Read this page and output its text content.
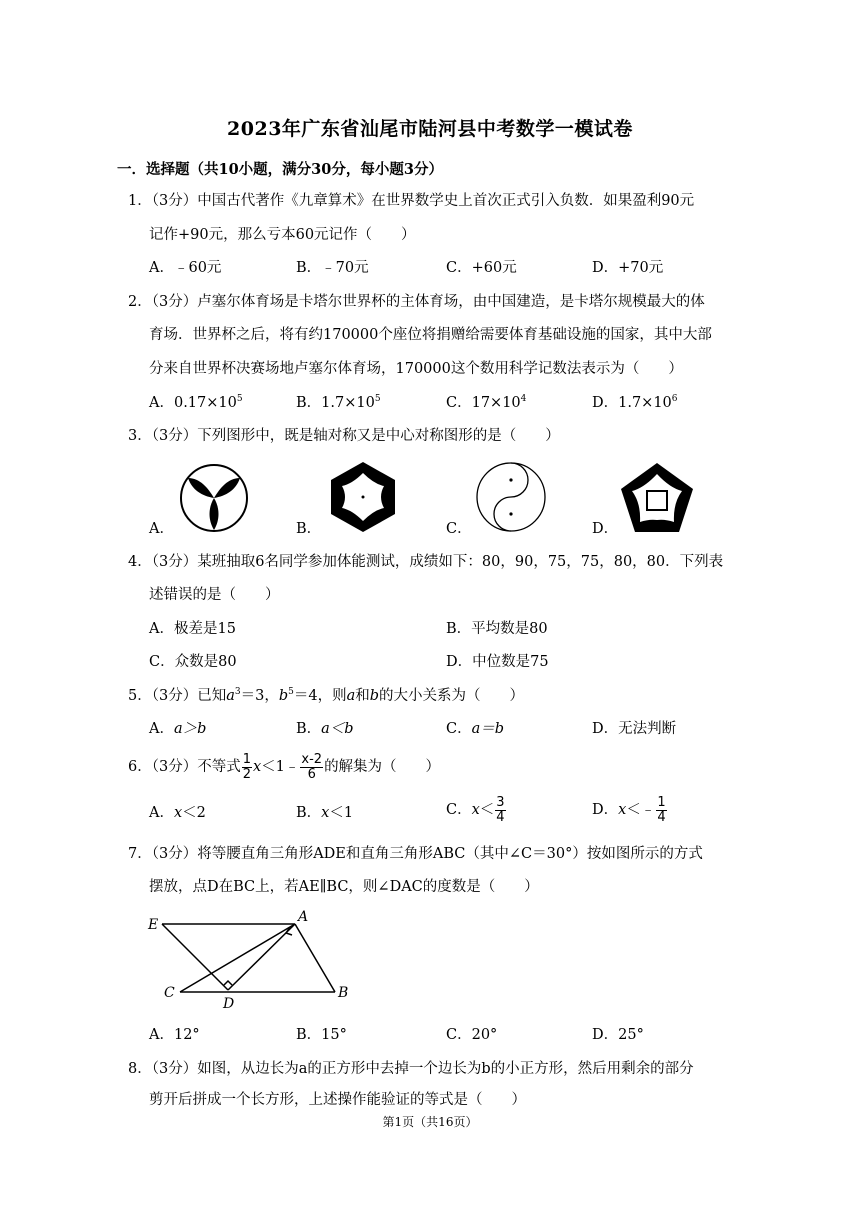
2023年广东省汕尾市陆河县中考数学一模试卷
一．选择题（共10小题，满分30分，每小题3分）
1．（3分）中国古代著作《九章算术》在世界数学史上首次正式引入负数．如果盈利90元
记作+90元，那么亏本60元记作（　　）
A．﹣60元	B．﹣70元	C．+60元	D．+70元
2．（3分）卢塞尔体育场是卡塔尔世界杯的主体育场，由中国建造，是卡塔尔规模最大的体
育场．世界杯之后，将有约170000个座位将捐赠给需要体育基础设施的国家，其中大部
分来自世界杯决赛场地卢塞尔体育场，170000这个数用科学记数法表示为（　　）
A．$0.17\times 10^5$	B．$1.7\times 10^5$	C．$17\times 10^4$	D．$1.7\times 10^6$
3．（3分）下列图形中，既是轴对称又是中心对称图形的是（　　）
A．	B．	C．	D．
4．（3分）某班抽取6名同学参加体能测试，成绩如下：80，90，75，75，80，80．下列表
述错误的是（　　）
A．极差是15	B．平均数是80
C．众数是80	D．中位数是75
5．（3分）已知$a^3=3$，$b^5=4$，则a和b的大小关系为（　　）
A．a＞b	B．a＜b	C．a＝b	D．无法判断
6．（3分）不等式 $\frac{1}{2}$ x＜1﹣ $\frac{x-2}{6}$ 的解集为（　　）
A．x＜2	B．x＜1	C．$x< \frac{3}{4}$	D．x＜﹣ $\frac{1}{4}$
7．（3分）将等腰直角三角形ADE和直角三角形ABC（其中∠C＝30°）按如图所示的方式
摆放，点D在BC上，若AE∥BC，则∠DAC的度数是（　　）
E	A
C
D
B
A．12°	B．15°	C．20°	D．25°
8．（3分）如图，从边长为a的正方形中去掉一个边长为b的小正方形，然后用剩余的部分
剪开后拼成一个长方形，上述操作能验证的等式是（　　）
第1页（共16页）
